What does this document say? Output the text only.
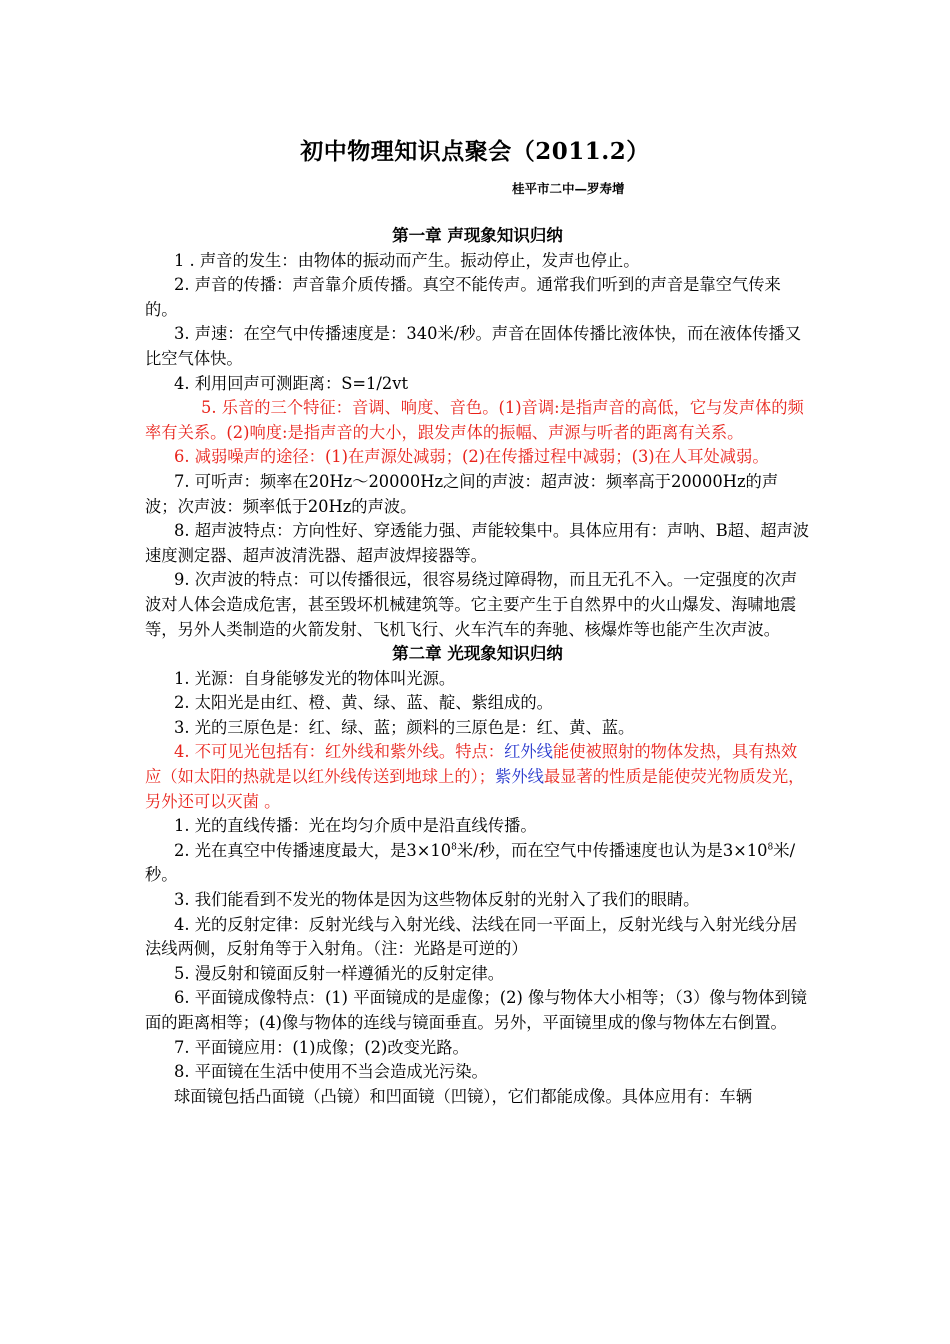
初中物理知识点聚会（2011.2）
桂平市二中—罗寿增
第一章 声现象知识归纳

1 . 声音的发生：由物体的振动而产生。振动停止，发声也停止。

2. 声音的传播：声音靠介质传播。真空不能传声。通常我们听到的声音是靠空气传来的。

3. 声速：在空气中传播速度是：340米/秒。声音在固体传播比液体快，而在液体传播又比空气体快。

4. 利用回声可测距离：S=1/2vt

5. 乐音的三个特征：音调、响度、音色。(1)音调:是指声音的高低，它与发声体的频率有关系。(2)响度:是指声音的大小，跟发声体的振幅、声源与听者的距离有关系。

6. 减弱噪声的途径：(1)在声源处减弱；(2)在传播过程中减弱；(3)在人耳处减弱。

7. 可听声：频率在20Hz～20000Hz之间的声波：超声波：频率高于20000Hz的声波；次声波：频率低于20Hz的声波。

8. 超声波特点：方向性好、穿透能力强、声能较集中。具体应用有：声呐、B超、超声波速度测定器、超声波清洗器、超声波焊接器等。

9. 次声波的特点：可以传播很远，很容易绕过障碍物，而且无孔不入。一定强度的次声波对人体会造成危害，甚至毁坏机械建筑等。它主要产生于自然界中的火山爆发、海啸地震等，另外人类制造的火箭发射、飞机飞行、火车汽车的奔驰、核爆炸等也能产生次声波。

第二章 光现象知识归纳

1. 光源：自身能够发光的物体叫光源。

2. 太阳光是由红、橙、黄、绿、蓝、靛、紫组成的。

3. 光的三原色是：红、绿、蓝；颜料的三原色是：红、黄、蓝。

4. 不可见光包括有：红外线和紫外线。特点：红外线能使被照射的物体发热，具有热效应（如太阳的热就是以红外线传送到地球上的）；紫外线最显著的性质是能使荧光物质发光，另外还可以灭菌 。

1. 光的直线传播：光在均匀介质中是沿直线传播。

2. 光在真空中传播速度最大，是$3\times 10^8$米/秒，而在空气中传播速度也认为是$3\times 10^8$米/秒。

3. 我们能看到不发光的物体是因为这些物体反射的光射入了我们的眼睛。

4. 光的反射定律：反射光线与入射光线、法线在同一平面上，反射光线与入射光线分居法线两侧，反射角等于入射角。（注：光路是可逆的）

5. 漫反射和镜面反射一样遵循光的反射定律。

6. 平面镜成像特点：(1) 平面镜成的是虚像；(2) 像与物体大小相等；（3）像与物体到镜面的距离相等；(4)像与物体的连线与镜面垂直。另外，平面镜里成的像与物体左右倒置。

7. 平面镜应用：(1)成像；(2)改变光路。

8. 平面镜在生活中使用不当会造成光污染。

球面镜包括凸面镜（凸镜）和凹面镜（凹镜），它们都能成像。具体应用有：车辆
